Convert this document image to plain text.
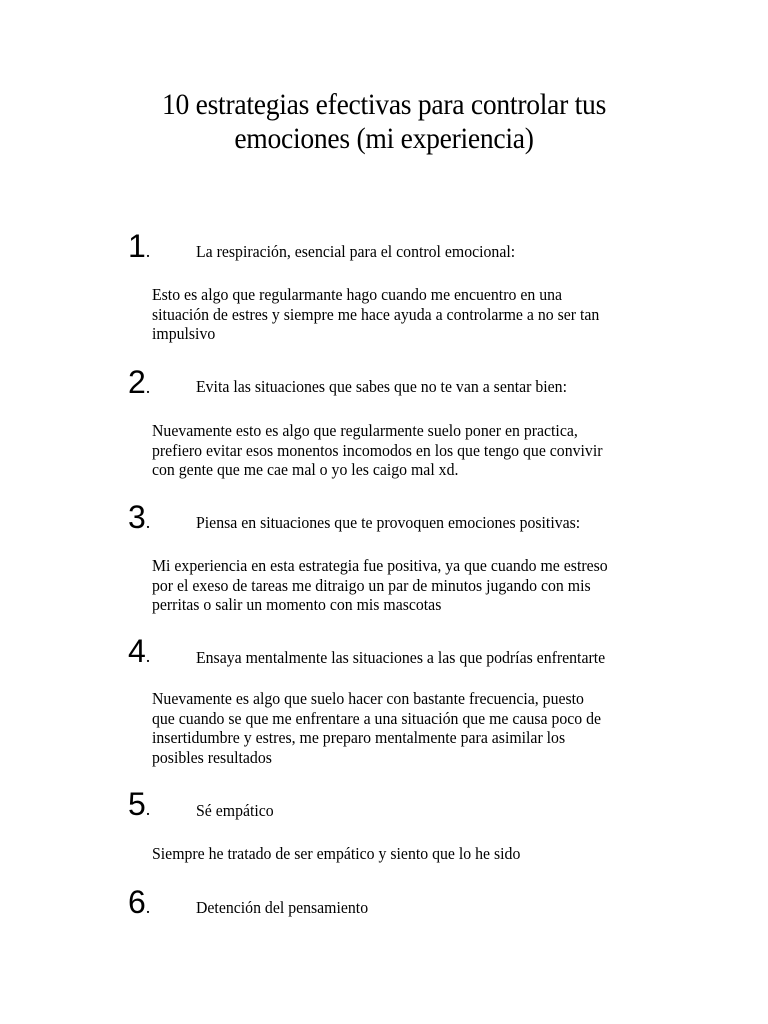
10 estrategias efectivas para controlar tus
emociones (mi experiencia)
1.	La respiración, esencial para el control emocional:
Esto es algo que regularmante hago cuando me encuentro en una
situación de estres y siempre me hace ayuda a controlarme a no ser tan
impulsivo
2.	Evita las situaciones que sabes que no te van a sentar bien:
Nuevamente esto es algo que regularmente suelo poner en practica,
prefiero evitar esos monentos incomodos en los que tengo que convivir
con gente que me cae mal o yo les caigo mal xd.
3.	Piensa en situaciones que te provoquen emociones positivas:
Mi experiencia en esta estrategia fue positiva, ya que cuando me estreso
por el exeso de tareas me ditraigo un par de minutos jugando con mis
perritas o salir un momento con mis mascotas
4.	Ensaya mentalmente las situaciones a las que podrías enfrentarte
Nuevamente es algo que suelo hacer con bastante frecuencia, puesto
que cuando se que me enfrentare a una situación que me causa poco de
insertidumbre y estres, me preparo mentalmente para asimilar los
posibles resultados
5.	Sé empático
Siempre he tratado de ser empático y siento que lo he sido
6.	Detención del pensamiento
